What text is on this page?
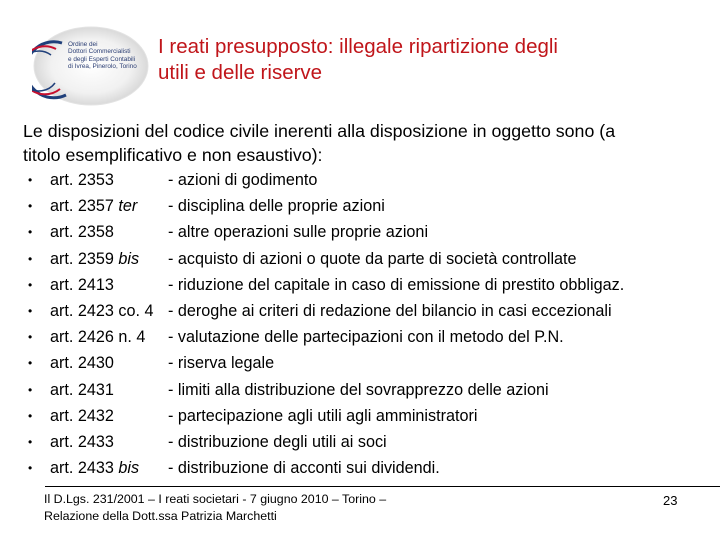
Ordine dei
Dottori Commercialisti
e degli Esperti Contabili
di Ivrea, Pinerolo, Torino
I reati presupposto: illegale ripartizione degli
utili e delle riserve
Le disposizioni del codice civile inerenti alla disposizione in oggetto sono (a
titolo esemplificativo e non esaustivo):
• art. 2353	- azioni di godimento
• art. 2357 ter - disciplina delle proprie azioni
• art. 2358	- altre operazioni sulle proprie azioni
• art. 2359 bis - acquisto di azioni o quote da parte di società controllate
• art. 2413	- riduzione del capitale in caso di emissione di prestito obbligaz.
• art. 2423 co. 4 - deroghe ai criteri di redazione del bilancio in casi eccezionali
• art. 2426 n. 4 - valutazione delle partecipazioni con il metodo del P.N.
• art. 2430	- riserva legale
• art. 2431	- limiti alla distribuzione del sovrapprezzo delle azioni
• art. 2432	- partecipazione agli utili agli amministratori
• art. 2433	- distribuzione degli utili ai soci
• art. 2433 bis - distribuzione di acconti sui dividendi.
Il D.Lgs. 231/2001 – I reati societari - 7 giugno 2010 – Torino –
Relazione della Dott.ssa Patrizia Marchetti
23
